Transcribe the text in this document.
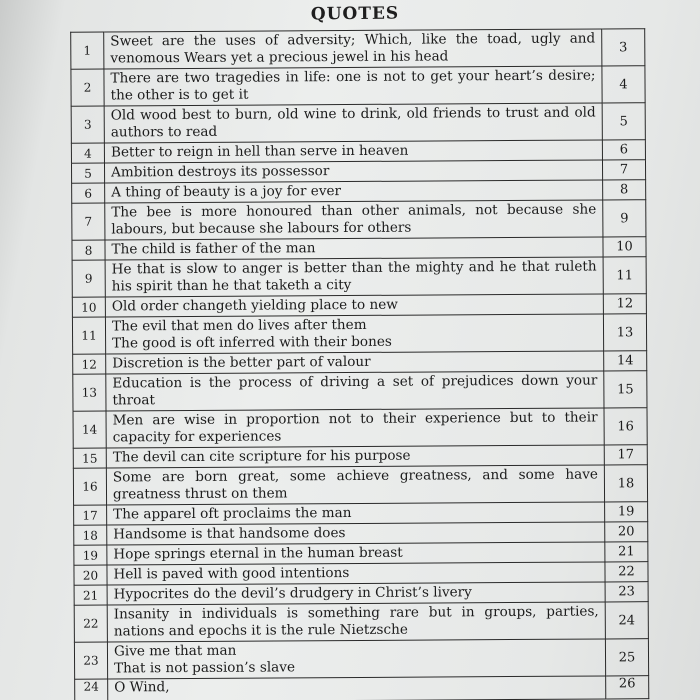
QUOTES
1	Sweet are the uses of adversity; Which, like the toad, ugly and venomous Wears yet a precious jewel in his head	3
2	There are two tragedies in life: one is not to get your heart’s desire; the other is to get it	4
3	Old wood best to burn, old wine to drink, old friends to trust and old authors to read	5
4	Better to reign in hell than serve in heaven	6
5	Ambition destroys its possessor	7
6	A thing of beauty is a joy for ever	8
7	The bee is more honoured than other animals, not because she labours, but because she labours for others	9
8	The child is father of the man	10
9	He that is slow to anger is better than the mighty and he that ruleth his spirit than he that taketh a city	11
10	Old order changeth yielding place to new	12
11	The evil that men do lives after them
The good is oft inferred with their bones	13
12	Discretion is the better part of valour	14
13	Education is the process of driving a set of prejudices down your throat	15
14	Men are wise in proportion not to their experience but to their capacity for experiences	16
15	The devil can cite scripture for his purpose	17
16	Some are born great, some achieve greatness, and some have greatness thrust on them	18
17	The apparel oft proclaims the man	19
18	Handsome is that handsome does	20
19	Hope springs eternal in the human breast	21
20	Hell is paved with good intentions	22
21	Hypocrites do the devil’s drudgery in Christ’s livery	23
22	Insanity in individuals is something rare but in groups, parties, nations and epochs it is the rule Nietzsche	24
23	Give me that man
That is not passion’s slave	25
24	O Wind,	26
